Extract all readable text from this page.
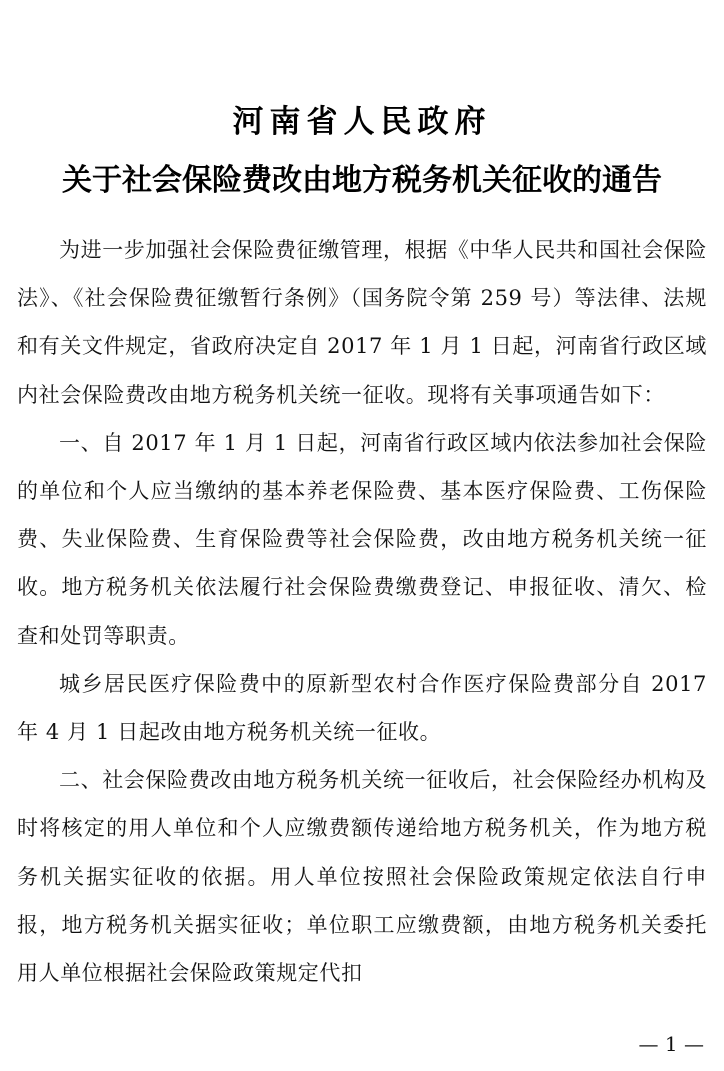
河南省人民政府
关于社会保险费改由地方税务机关征收的通告

为进一步加强社会保险费征缴管理，根据《中华人民共和国社会保险法》、《社会保险费征缴暂行条例》（国务院令第 259 号）等法律、法规和有关文件规定，省政府决定自 2017 年 1 月 1 日起，河南省行政区域内社会保险费改由地方税务机关统一征收。现将有关事项通告如下：

一、自 2017 年 1 月 1 日起，河南省行政区域内依法参加社会保险的单位和个人应当缴纳的基本养老保险费、基本医疗保险费、工伤保险费、失业保险费、生育保险费等社会保险费，改由地方税务机关统一征收。地方税务机关依法履行社会保险费缴费登记、申报征收、清欠、检查和处罚等职责。

城乡居民医疗保险费中的原新型农村合作医疗保险费部分自 2017 年 4 月 1 日起改由地方税务机关统一征收。

二、社会保险费改由地方税务机关统一征收后，社会保险经办机构及时将核定的用人单位和个人应缴费额传递给地方税务机关，作为地方税务机关据实征收的依据。用人单位按照社会保险政策规定依法自行申报，地方税务机关据实征收；单位职工应缴费额，由地方税务机关委托用人单位根据社会保险政策规定代扣

— 1 —
